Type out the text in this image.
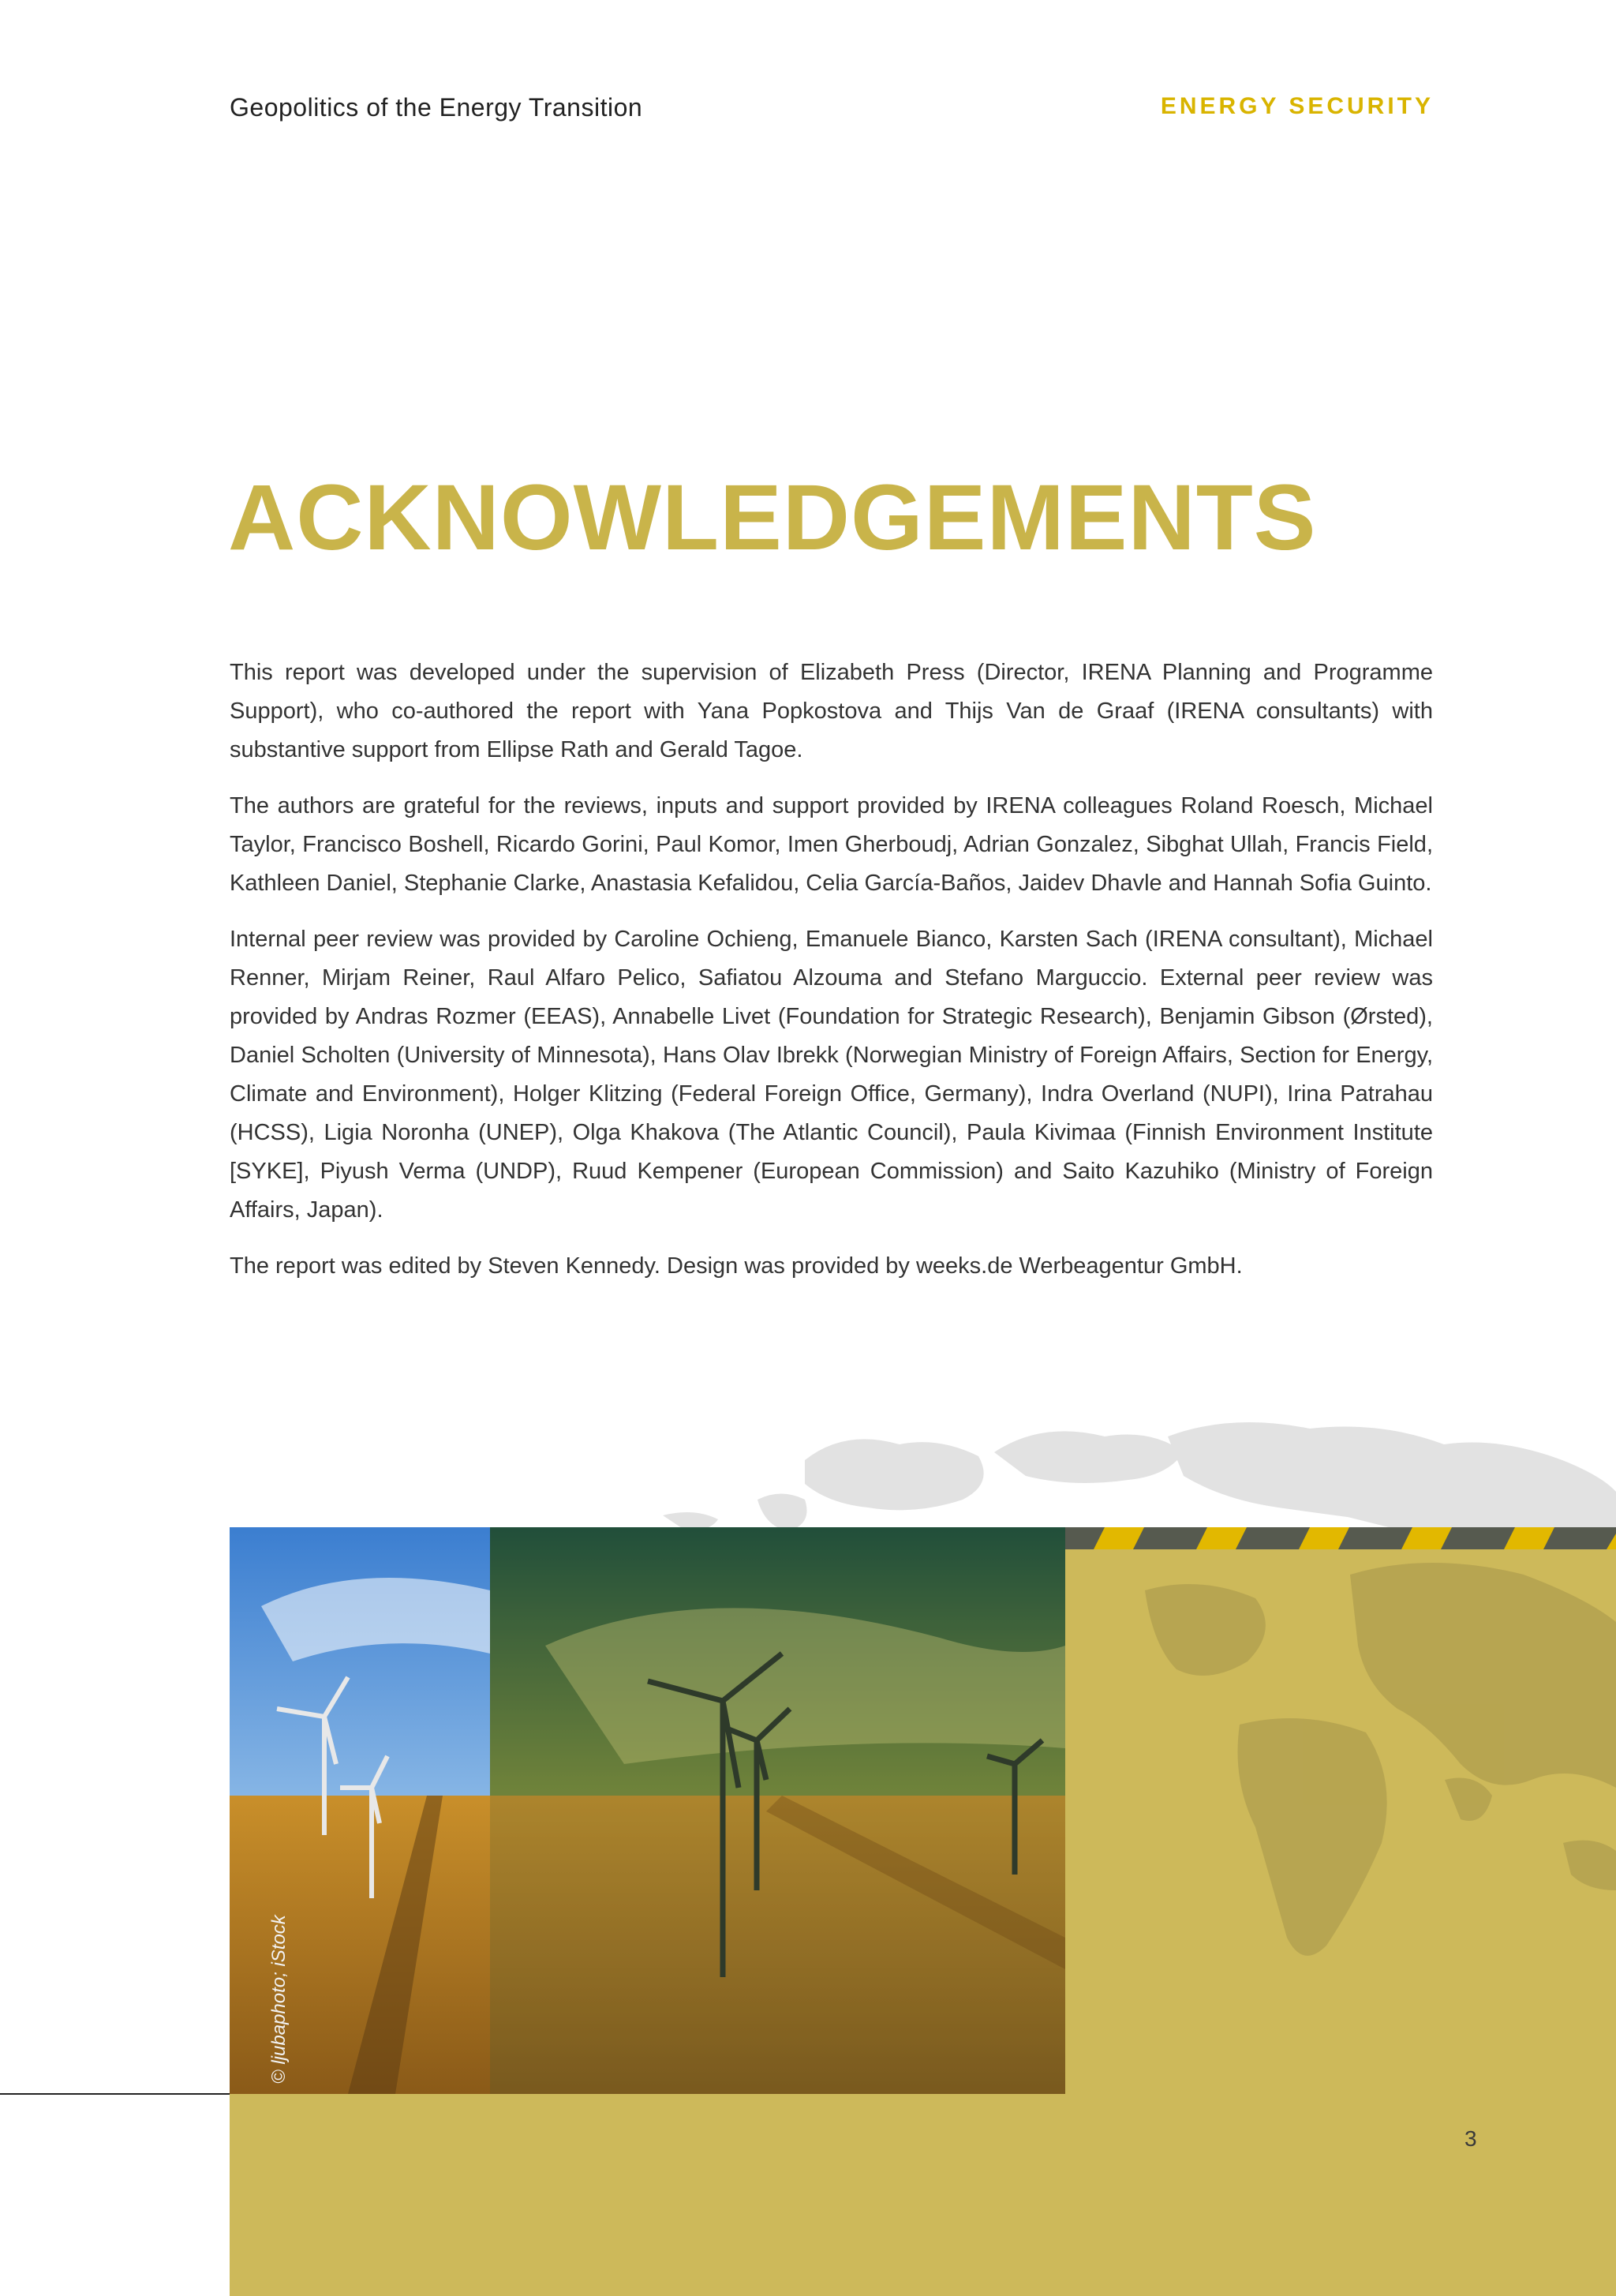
Geopolitics of the Energy Transition	ENERGY SECURITY
ACKNOWLEDGEMENTS

This report was developed under the supervision of Elizabeth Press (Director, IRENA Planning and Programme Support), who co-authored the report with Yana Popkostova and Thijs Van de Graaf (IRENA consultants) with substantive support from Ellipse Rath and Gerald Tagoe.

The authors are grateful for the reviews, inputs and support provided by IRENA colleagues Roland Roesch, Michael Taylor, Francisco Boshell, Ricardo Gorini, Paul Komor, Imen Gherboudj, Adrian Gonzalez, Sibghat Ullah, Francis Field, Kathleen Daniel, Stephanie Clarke, Anastasia Kefalidou, Celia García-Baños, Jaidev Dhavle and Hannah Sofia Guinto.

Internal peer review was provided by Caroline Ochieng, Emanuele Bianco, Karsten Sach (IRENA consultant), Michael Renner, Mirjam Reiner, Raul Alfaro Pelico, Safiatou Alzouma and Stefano Marguccio. External peer review was provided by Andras Rozmer (EEAS), Annabelle Livet (Foundation for Strategic Research), Benjamin Gibson (Ørsted), Daniel Scholten (University of Minnesota), Hans Olav Ibrekk (Norwegian Ministry of Foreign Affairs, Section for Energy, Climate and Environment), Holger Klitzing (Federal Foreign Office, Germany), Indra Overland (NUPI), Irina Patrahau (HCSS), Ligia Noronha (UNEP), Olga Khakova (The Atlantic Council), Paula Kivimaa (Finnish Environment Institute [SYKE], Piyush Verma (UNDP), Ruud Kempener (European Commission) and Saito Kazuhiko (Ministry of Foreign Affairs, Japan).

The report was edited by Steven Kennedy. Design was provided by weeks.de Werbeagentur GmbH.

© ljubaphoto; iStock
3
